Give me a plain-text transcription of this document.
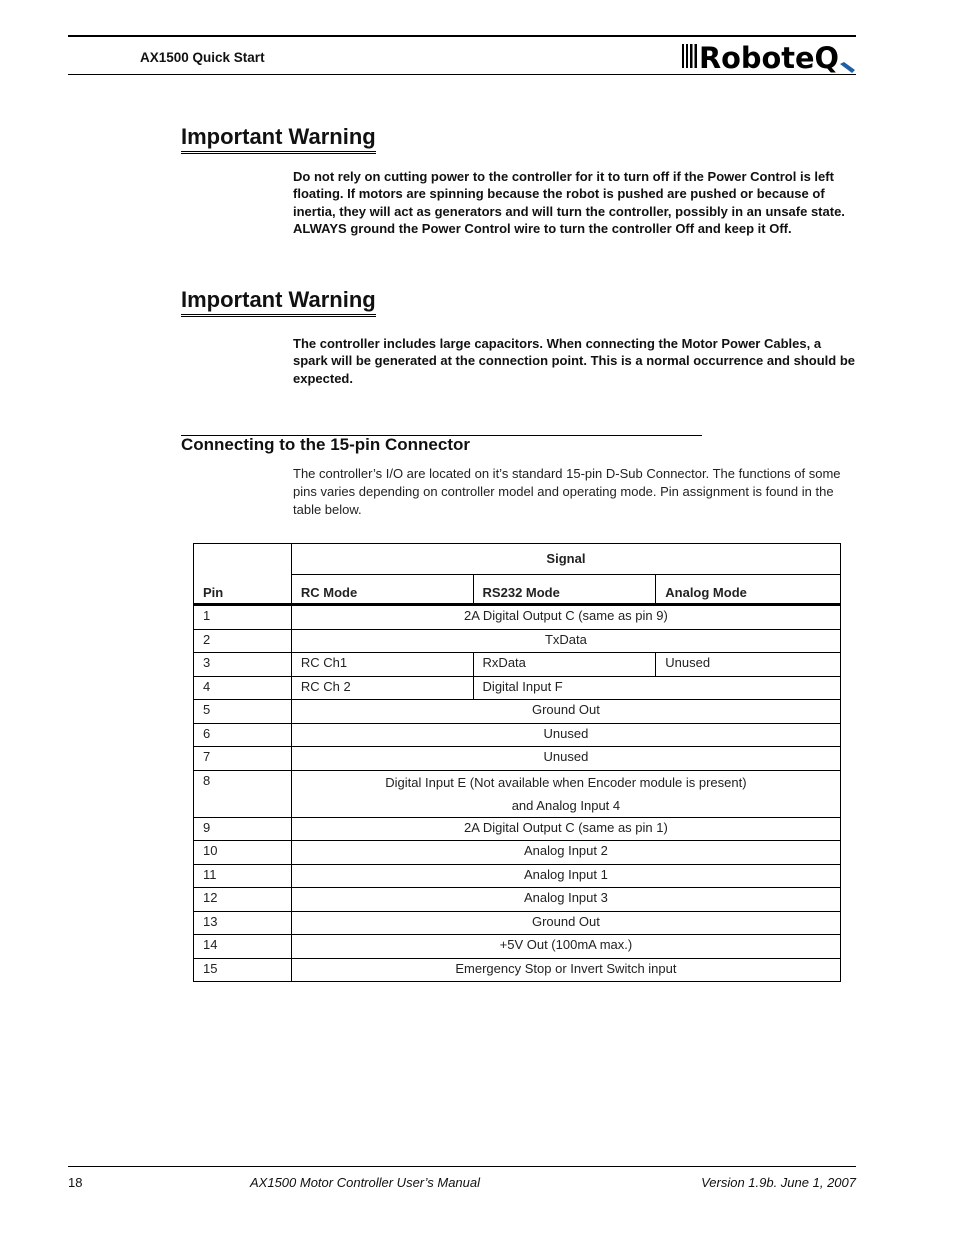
AX1500 Quick Start	RoboteQ
Important Warning
Do not rely on cutting power to the controller for it to turn off if the Power Control is left floating. If motors are spinning because the robot is pushed are pushed or because of inertia, they will act as generators and will turn the controller, possibly in an unsafe state. ALWAYS ground the Power Control wire to turn the controller Off and keep it Off.
Important Warning
The controller includes large capacitors. When connecting the Motor Power Cables, a spark will be generated at the connection point. This is a normal occurrence and should be expected.
Connecting to the 15-pin Connector
The controller’s I/O are located on it’s standard 15-pin D-Sub Connector. The functions of some pins varies depending on controller model and operating mode. Pin assignment is found in the table below.
Pin	Signal		
	RC Mode	RS232 Mode	Analog Mode
1	2A Digital Output C (same as pin 9)		
2	TxData		
3	RC Ch1	RxData	Unused
4	RC Ch 2	Digital Input F	
5	Ground Out		
6	Unused		
7	Unused		
8	Digital Input E (Not available when Encoder module is present)
and Analog Input 4		

9	2A Digital Output C (same as pin 1)		
10	Analog Input 2		
11	Analog Input 1		
12	Analog Input 3		
13	Ground Out		
14	+5V Out (100mA max.)		
15	Emergency Stop or Invert Switch input		
18	AX1500 Motor Controller User’s Manual	Version 1.9b. June 1, 2007
